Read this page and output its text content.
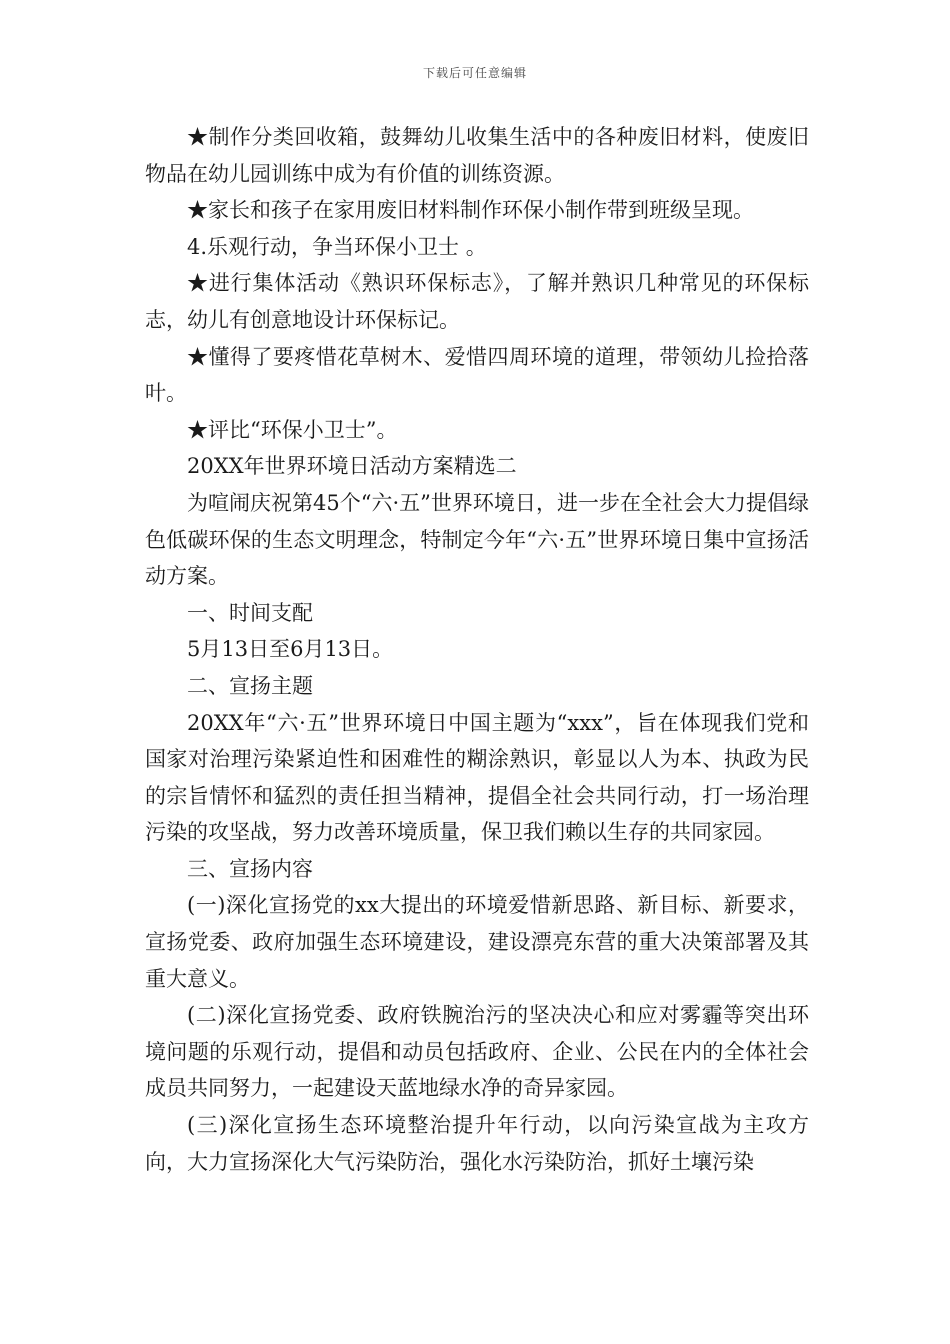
下载后可任意编辑

★制作分类回收箱，鼓舞幼儿收集生活中的各种废旧材料，使废旧物品在幼儿园训练中成为有价值的训练资源。

★家长和孩子在家用废旧材料制作环保小制作带到班级呈现。

4.乐观行动，争当环保小卫士 。

★进行集体活动《熟识环保标志》，了解并熟识几种常见的环保标志，幼儿有创意地设计环保标记。

★懂得了要疼惜花草树木、爱惜四周环境的道理，带领幼儿捡拾落叶。

★评比“环保小卫士”。

20XX年世界环境日活动方案精选二

为喧闹庆祝第45个“六·五”世界环境日，进一步在全社会大力提倡绿色低碳环保的生态文明理念，特制定今年“六·五”世界环境日集中宣扬活动方案。

一、时间支配

5月13日至6月13日。

二、宣扬主题

20XX年“六·五”世界环境日中国主题为“xxx”，旨在体现我们党和国家对治理污染紧迫性和困难性的糊涂熟识，彰显以人为本、执政为民的宗旨情怀和猛烈的责任担当精神，提倡全社会共同行动，打一场治理污染的攻坚战，努力改善环境质量，保卫我们赖以生存的共同家园。

三、宣扬内容

(一)深化宣扬党的xx大提出的环境爱惜新思路、新目标、新要求，宣扬党委、政府加强生态环境建设，建设漂亮东营的重大决策部署及其重大意义。

(二)深化宣扬党委、政府铁腕治污的坚决决心和应对雾霾等突出环境问题的乐观行动，提倡和动员包括政府、企业、公民在内的全体社会成员共同努力，一起建设天蓝地绿水净的奇异家园。

(三)深化宣扬生态环境整治提升年行动，以向污染宣战为主攻方向，大力宣扬深化大气污染防治，强化水污染防治，抓好土壤污染
